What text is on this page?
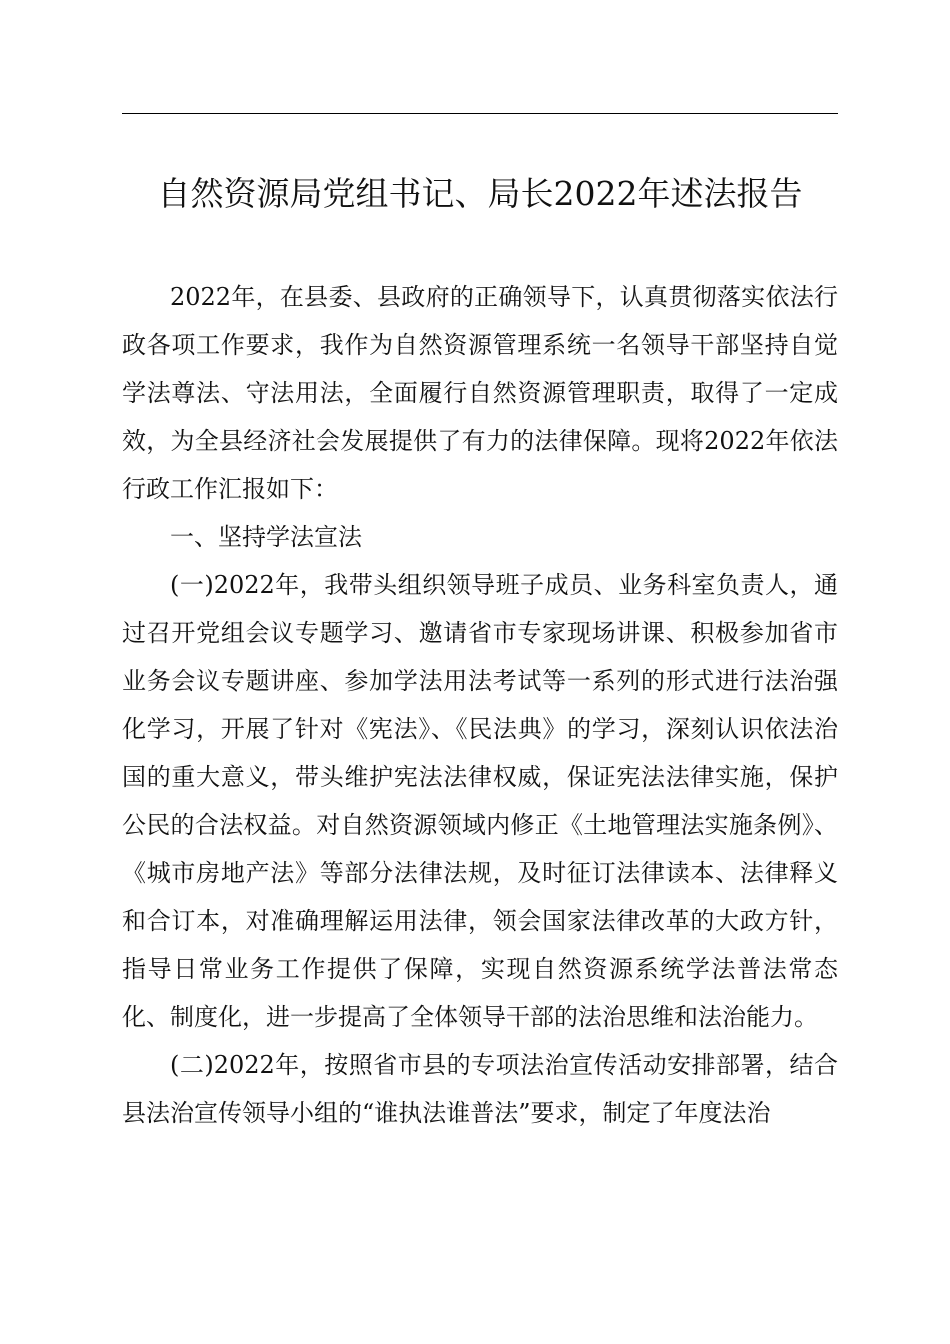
自然资源局党组书记、局长2022年述法报告

2022年，在县委、县政府的正确领导下，认真贯彻落实依法行政各项工作要求，我作为自然资源管理系统一名领导干部坚持自觉学法尊法、守法用法，全面履行自然资源管理职责，取得了一定成效，为全县经济社会发展提供了有力的法律保障。现将2022年依法行政工作汇报如下：

一、坚持学法宣法

(一)2022年，我带头组织领导班子成员、业务科室负责人，通过召开党组会议专题学习、邀请省市专家现场讲课、积极参加省市业务会议专题讲座、参加学法用法考试等一系列的形式进行法治强化学习，开展了针对《宪法》、《民法典》的学习，深刻认识依法治国的重大意义，带头维护宪法法律权威，保证宪法法律实施，保护公民的合法权益。对自然资源领域内修正《土地管理法实施条例》、《城市房地产法》等部分法律法规，及时征订法律读本、法律释义和合订本，对准确理解运用法律，领会国家法律改革的大政方针，指导日常业务工作提供了保障，实现自然资源系统学法普法常态化、制度化，进一步提高了全体领导干部的法治思维和法治能力。

(二)2022年，按照省市县的专项法治宣传活动安排部署，结合县法治宣传领导小组的“谁执法谁普法”要求，制定了年度法治
